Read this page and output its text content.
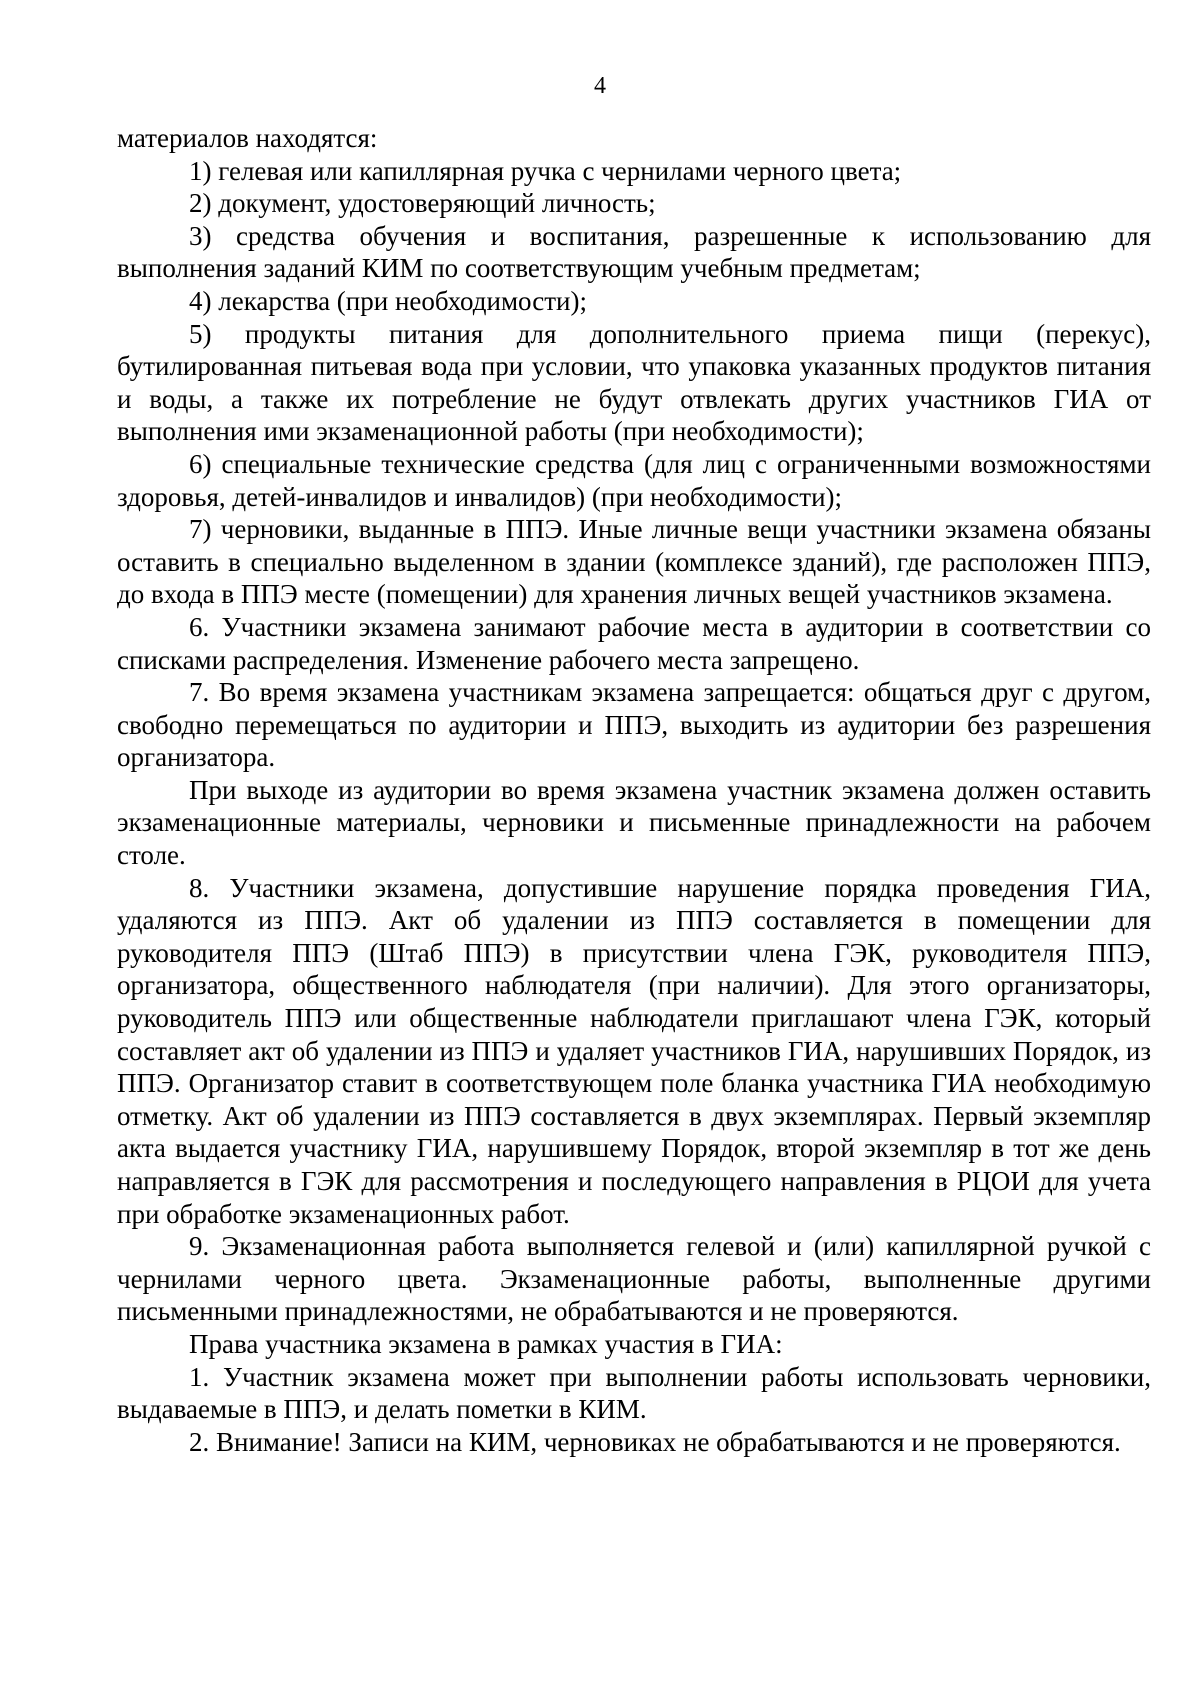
4

материалов находятся:

1) гелевая или капиллярная ручка с чернилами черного цвета;

2) документ, удостоверяющий личность;

3) средства обучения и воспитания, разрешенные к использованию для выполнения заданий КИМ по соответствующим учебным предметам;

4) лекарства (при необходимости);

5) продукты питания для дополнительного приема пищи (перекус), бутилированная питьевая вода при условии, что упаковка указанных продуктов питания и воды, а также их потребление не будут отвлекать других участников ГИА от выполнения ими экзаменационной работы (при необходимости);

6) специальные технические средства (для лиц с ограниченными возможностями здоровья, детей-инвалидов и инвалидов) (при необходимости);

7) черновики, выданные в ППЭ. Иные личные вещи участники экзамена обязаны оставить в специально выделенном в здании (комплексе зданий), где расположен ППЭ, до входа в ППЭ месте (помещении) для хранения личных вещей участников экзамена.

6. Участники экзамена занимают рабочие места в аудитории в соответствии со списками распределения. Изменение рабочего места запрещено.

7. Во время экзамена участникам экзамена запрещается: общаться друг с другом, свободно перемещаться по аудитории и ППЭ, выходить из аудитории без разрешения организатора.

При выходе из аудитории во время экзамена участник экзамена должен оставить экзаменационные материалы, черновики и письменные принадлежности на рабочем столе.

8. Участники экзамена, допустившие нарушение порядка проведения ГИА, удаляются из ППЭ. Акт об удалении из ППЭ составляется в помещении для руководителя ППЭ (Штаб ППЭ) в присутствии члена ГЭК, руководителя ППЭ, организатора, общественного наблюдателя (при наличии). Для этого организаторы, руководитель ППЭ или общественные наблюдатели приглашают члена ГЭК, который составляет акт об удалении из ППЭ и удаляет участников ГИА, нарушивших Порядок, из ППЭ. Организатор ставит в соответствующем поле бланка участника ГИА необходимую отметку. Акт об удалении из ППЭ составляется в двух экземплярах. Первый экземпляр акта выдается участнику ГИА, нарушившему Порядок, второй экземпляр в тот же день направляется в ГЭК для рассмотрения и последующего направления в РЦОИ для учета при обработке экзаменационных работ.

9. Экзаменационная работа выполняется гелевой и (или) капиллярной ручкой с чернилами черного цвета. Экзаменационные работы, выполненные другими письменными принадлежностями, не обрабатываются и не проверяются.

Права участника экзамена в рамках участия в ГИА:

1. Участник экзамена может при выполнении работы использовать черновики, выдаваемые в ППЭ, и делать пометки в КИМ.

2. Внимание! Записи на КИМ, черновиках не обрабатываются и не проверяются.
